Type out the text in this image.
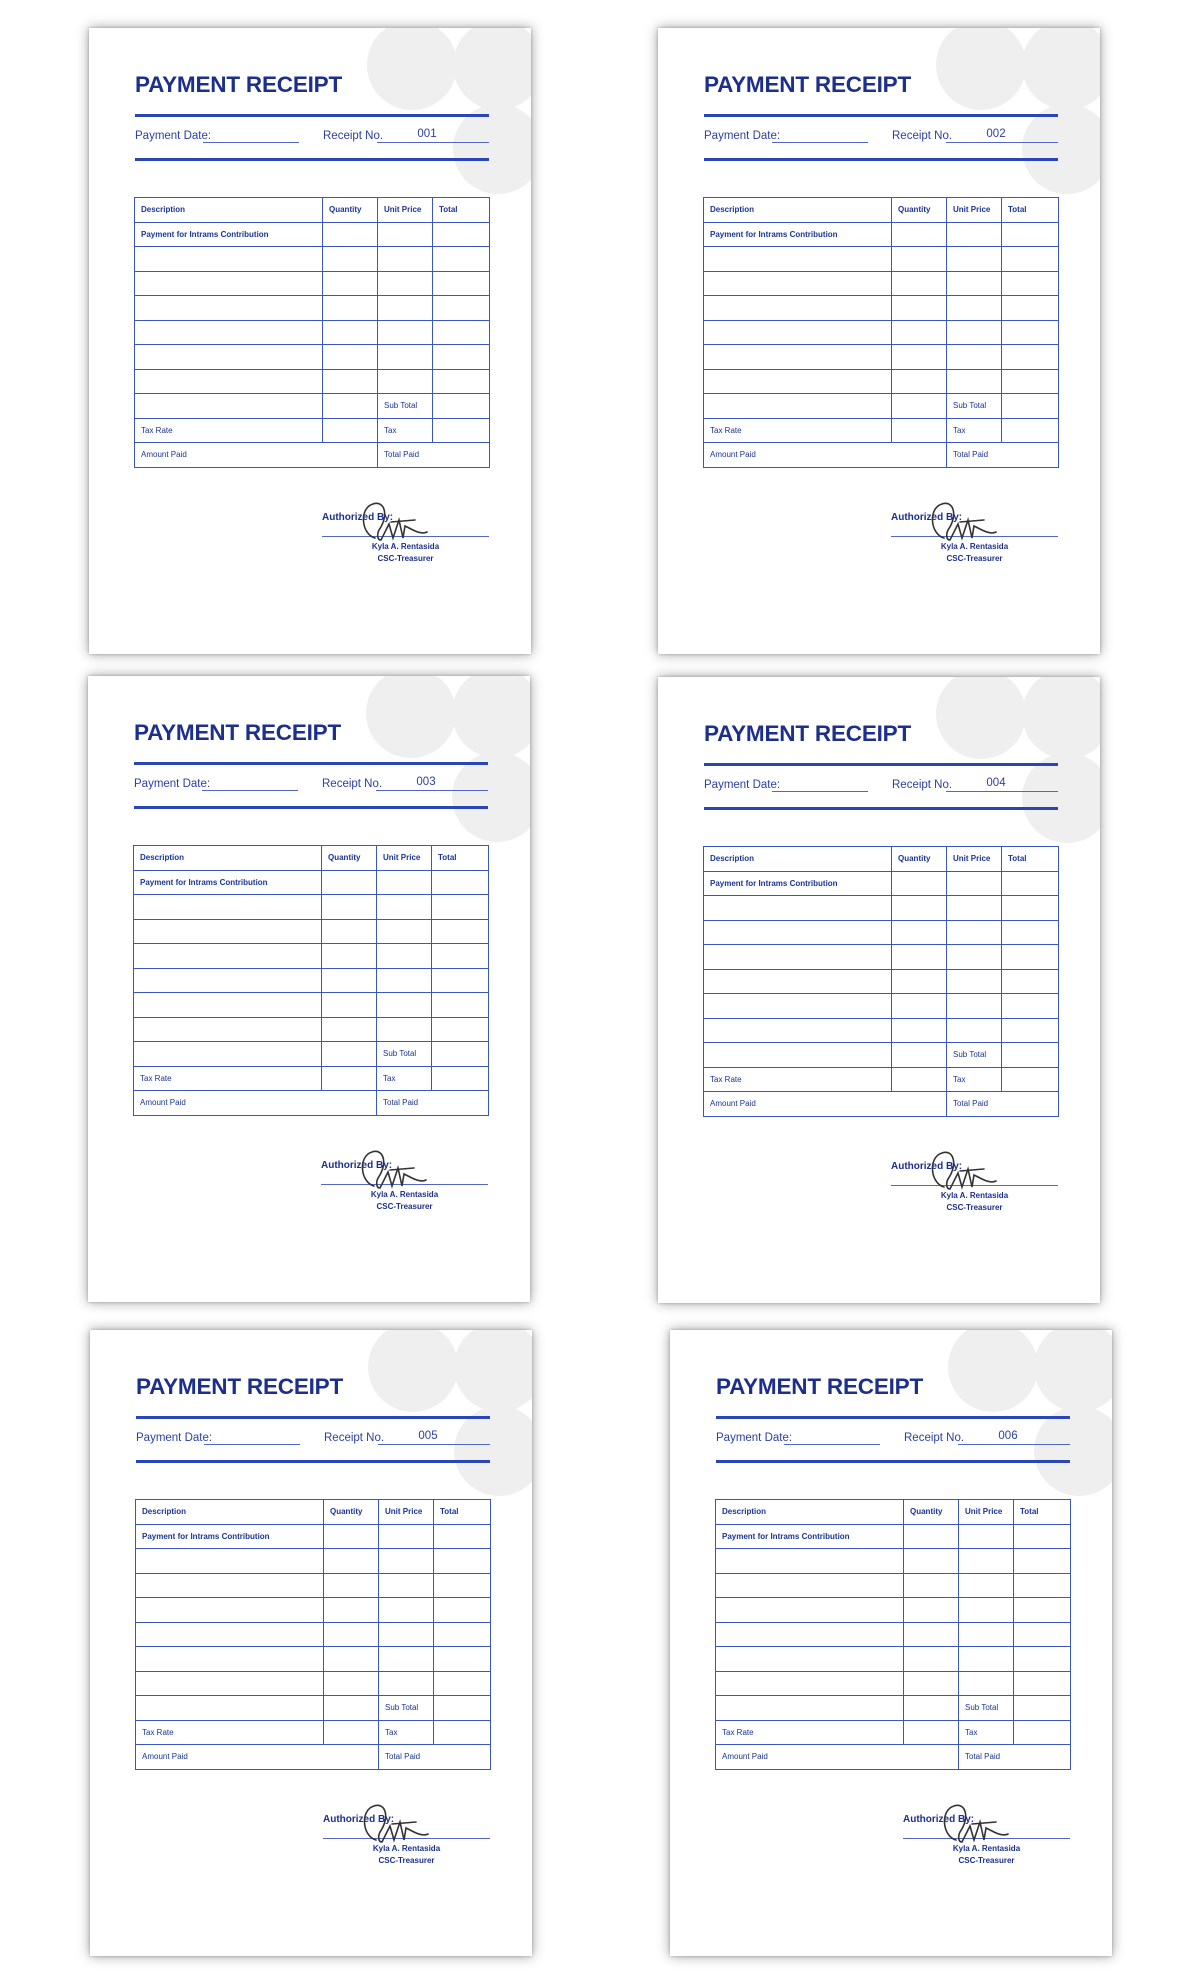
PAYMENT RECEIPT
Payment Date:	Receipt No.	001
Description	Quantity	Unit Price	Total
Payment for Intrams Contribution			

		Sub Total	
Tax Rate		Tax	
Amount Paid		Total Paid	
Authorized By:
Kyla A. Rentasida
CSC-Treasurer
PAYMENT RECEIPT
Payment Date:	Receipt No.	002
Description	Quantity	Unit Price	Total
Payment for Intrams Contribution			

		Sub Total	
Tax Rate		Tax	
Amount Paid		Total Paid	
Authorized By:
Kyla A. Rentasida
CSC-Treasurer
PAYMENT RECEIPT
Payment Date:	Receipt No.	003
Description	Quantity	Unit Price	Total
Payment for Intrams Contribution			

		Sub Total	
Tax Rate		Tax	
Amount Paid		Total Paid	
Authorized By:
Kyla A. Rentasida
CSC-Treasurer
PAYMENT RECEIPT
Payment Date:	Receipt No.	004
Description	Quantity	Unit Price	Total
Payment for Intrams Contribution			

		Sub Total	
Tax Rate		Tax	
Amount Paid		Total Paid	
Authorized By:
Kyla A. Rentasida
CSC-Treasurer
PAYMENT RECEIPT
Payment Date:	Receipt No.	005
Description	Quantity	Unit Price	Total
Payment for Intrams Contribution			

		Sub Total	
Tax Rate		Tax	
Amount Paid		Total Paid	
Authorized By:
Kyla A. Rentasida
CSC-Treasurer
PAYMENT RECEIPT
Payment Date:	Receipt No.	006
Description	Quantity	Unit Price	Total
Payment for Intrams Contribution			

		Sub Total	
Tax Rate		Tax	
Amount Paid		Total Paid	
Authorized By:
Kyla A. Rentasida
CSC-Treasurer
